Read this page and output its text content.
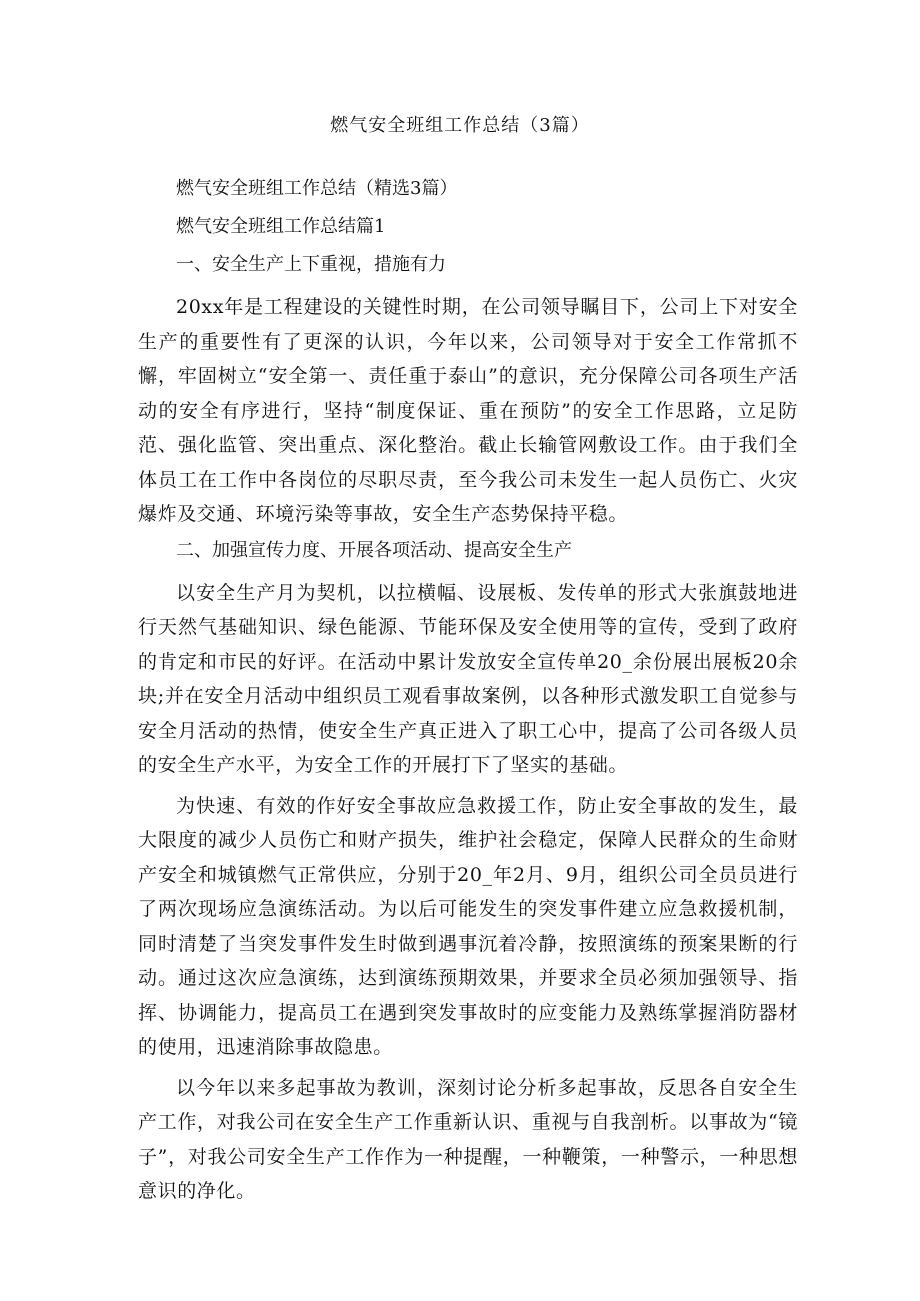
燃气安全班组工作总结（3篇）
燃气安全班组工作总结（精选3篇）
燃气安全班组工作总结篇1
一、安全生产上下重视，措施有力

20xx年是工程建设的关键性时期，在公司领导瞩目下，公司上下对安全生产的重要性有了更深的认识，今年以来，公司领导对于安全工作常抓不懈，牢固树立“安全第一、责任重于泰山”的意识，充分保障公司各项生产活动的安全有序进行，坚持“制度保证、重在预防”的安全工作思路，立足防范、强化监管、突出重点、深化整治。截止长输管网敷设工作。由于我们全体员工在工作中各岗位的尽职尽责，至今我公司未发生一起人员伤亡、火灾爆炸及交通、环境污染等事故，安全生产态势保持平稳。

二、加强宣传力度、开展各项活动、提高安全生产

以安全生产月为契机，以拉横幅、设展板、发传单的形式大张旗鼓地进行天然气基础知识、绿色能源、节能环保及安全使用等的宣传，受到了政府的肯定和市民的好评。在活动中累计发放安全宣传单20_余份展出展板20余块;并在安全月活动中组织员工观看事故案例，以各种形式激发职工自觉参与安全月活动的热情，使安全生产真正进入了职工心中，提高了公司各级人员的安全生产水平，为安全工作的开展打下了坚实的基础。

为快速、有效的作好安全事故应急救援工作，防止安全事故的发生，最大限度的减少人员伤亡和财产损失，维护社会稳定，保障人民群众的生命财产安全和城镇燃气正常供应，分别于20_年2月、9月，组织公司全员员进行了两次现场应急演练活动。为以后可能发生的突发事件建立应急救援机制，同时清楚了当突发事件发生时做到遇事沉着冷静，按照演练的预案果断的行动。通过这次应急演练，达到演练预期效果，并要求全员必须加强领导、指挥、协调能力，提高员工在遇到突发事故时的应变能力及熟练掌握消防器材的使用，迅速消除事故隐患。

以今年以来多起事故为教训，深刻讨论分析多起事故，反思各自安全生产工作，对我公司在安全生产工作重新认识、重视与自我剖析。以事故为“镜子”，对我公司安全生产工作作为一种提醒，一种鞭策，一种警示，一种思想意识的净化。
